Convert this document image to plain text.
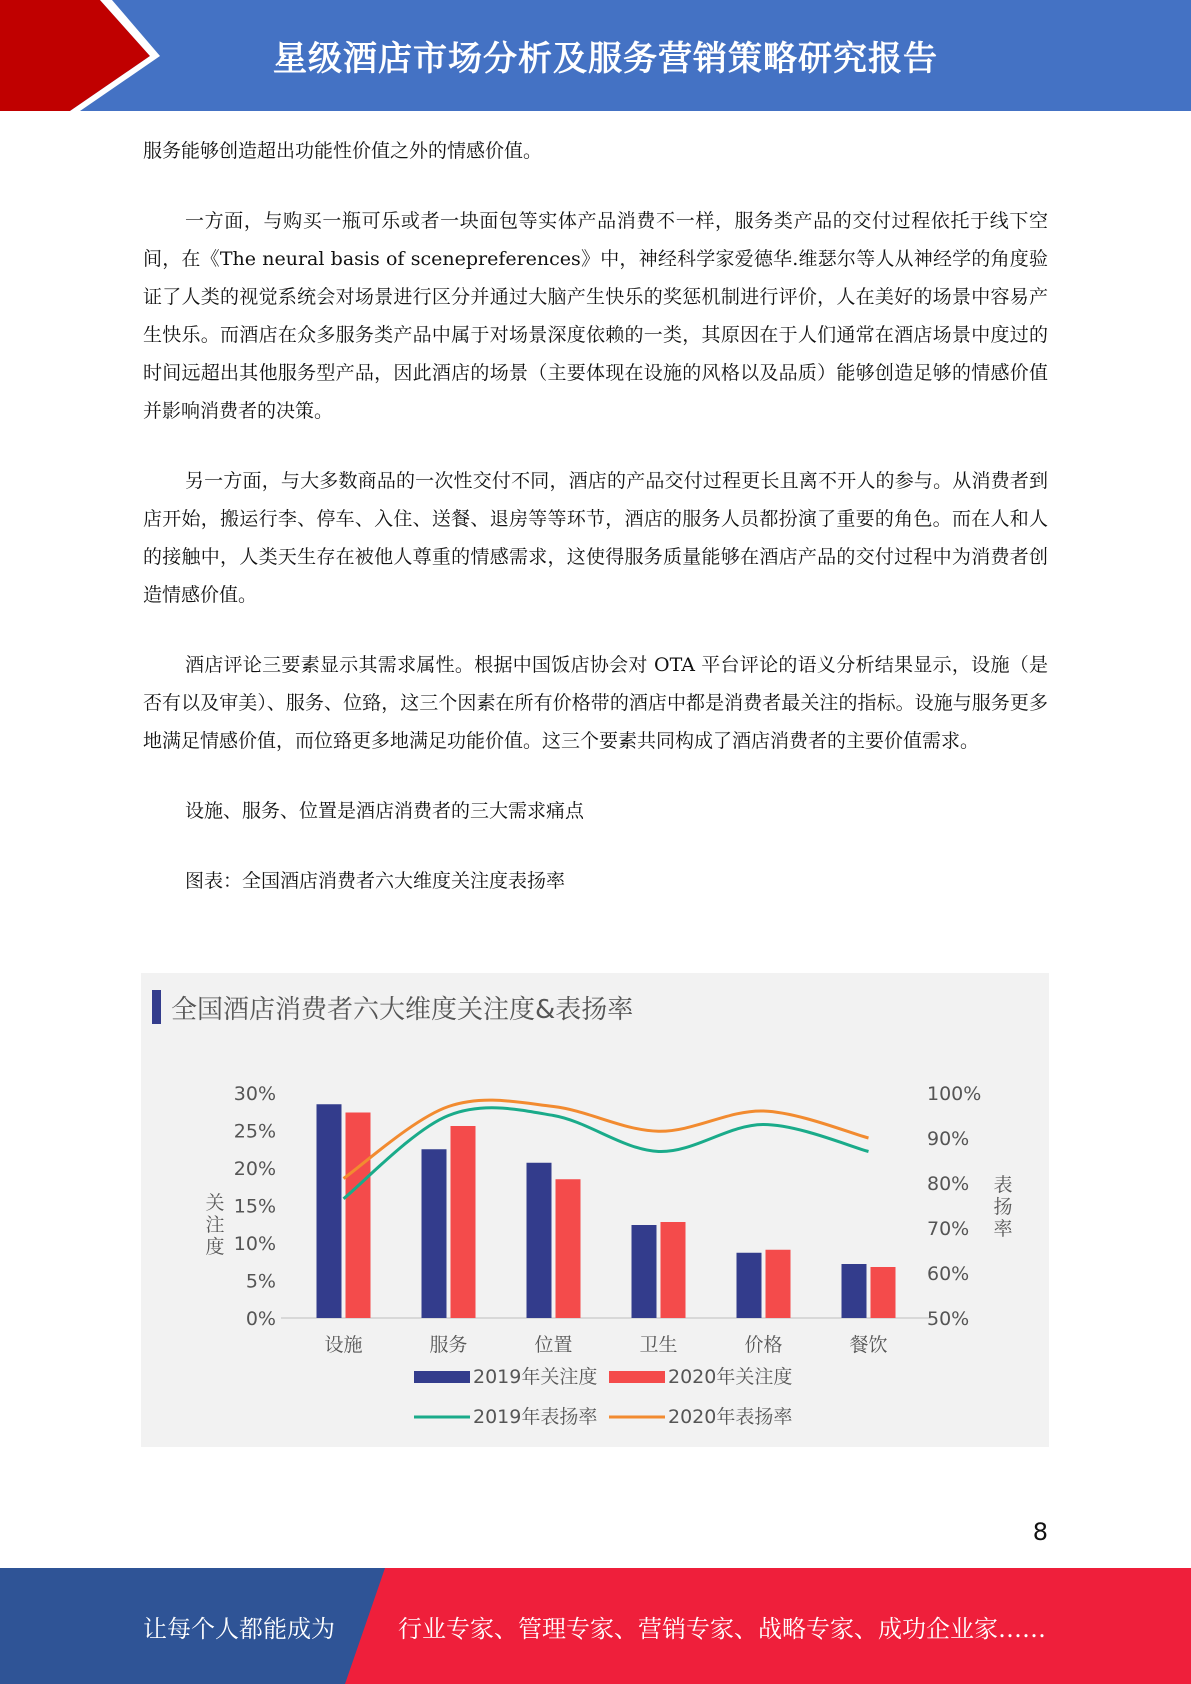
星级酒店市场分析及服务营销策略研究报告

服务能够创造超出功能性价值之外的情感价值。

一方面，与购买一瓶可乐或者一块面包等实体产品消费不一样，服务类产品的交付过程依托于线下空间，在《The neural basis of scenepreferences》中，神经科学家爱德华.维瑟尔等人从神经学的角度验证了人类的视觉系统会对场景进行区分并通过大脑产生快乐的奖惩机制进行评价，人在美好的场景中容易产生快乐。而酒店在众多服务类产品中属于对场景深度依赖的一类，其原因在于人们通常在酒店场景中度过的时间远超出其他服务型产品，因此酒店的场景（主要体现在设施的风格以及品质）能够创造足够的情感价值并影响消费者的决策。

另一方面，与大多数商品的一次性交付不同，酒店的产品交付过程更长且离不开人的参与。从消费者到店开始，搬运行李、停车、入住、送餐、退房等等环节，酒店的服务人员都扮演了重要的角色。而在人和人的接触中，人类天生存在被他人尊重的情感需求，这使得服务质量能够在酒店产品的交付过程中为消费者创造情感价值。

酒店评论三要素显示其需求属性。根据中国饭店协会对 OTA 平台评论的语义分析结果显示，设施（是否有以及审美）、服务、位臵，这三个因素在所有价格带的酒店中都是消费者最关注的指标。设施与服务更多地满足情感价值，而位臵更多地满足功能价值。这三个要素共同构成了酒店消费者的主要价值需求。

设施、服务、位置是酒店消费者的三大需求痛点

图表：全国酒店消费者六大维度关注度表扬率

全国酒店消费者六大维度关注度&表扬率
0%
5%
10%
15%
20%
25%
30%
50%
60%
70%
80%
90%
100%
关
注
度
表
扬
率
设施	服务	位置	卫生	价格	餐饮
2019年关注度	2020年关注度
2019年表扬率	2020年表扬率
8
让每个人都能成为	行业专家、管理专家、营销专家、战略专家、成功企业家……
